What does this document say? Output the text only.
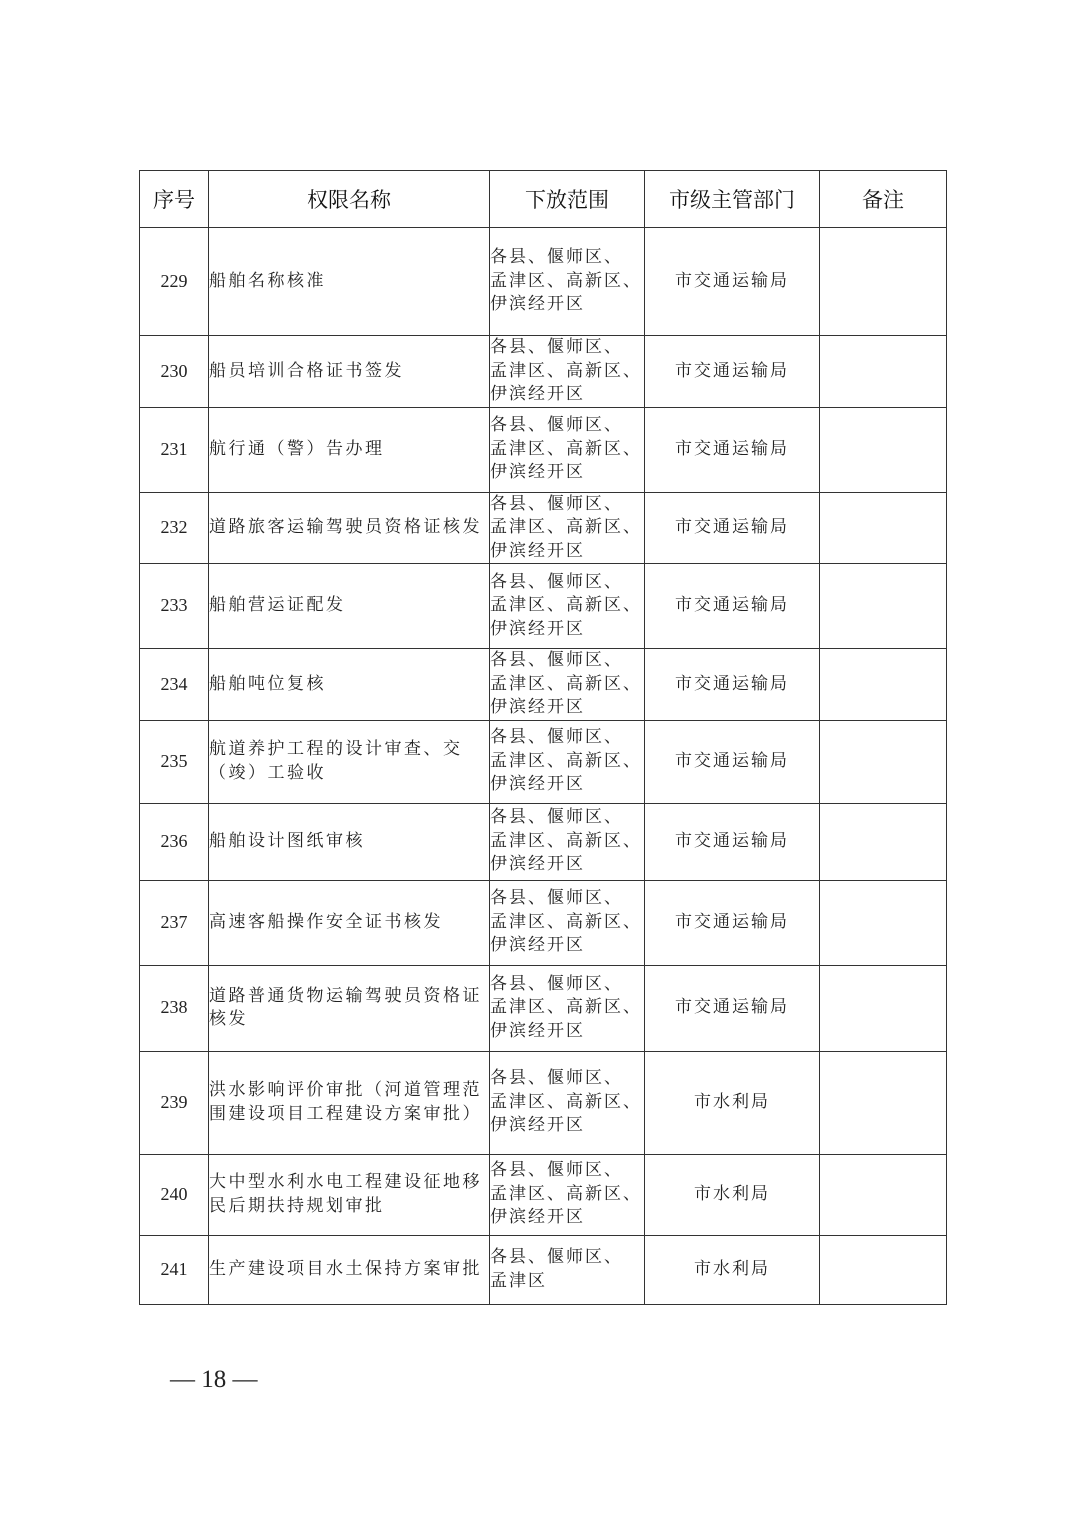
序号	权限名称	下放范围	市级主管部门	备注
229	船舶名称核准	各县、偃师区、
孟津区、高新区、
伊滨经开区	市交通运输局	
230	船员培训合格证书签发	各县、偃师区、
孟津区、高新区、
伊滨经开区	市交通运输局	
231	航行通（警）告办理	各县、偃师区、
孟津区、高新区、
伊滨经开区	市交通运输局	
232	道路旅客运输驾驶员资格证核发	各县、偃师区、
孟津区、高新区、
伊滨经开区	市交通运输局	
233	船舶营运证配发	各县、偃师区、
孟津区、高新区、
伊滨经开区	市交通运输局	
234	船舶吨位复核	各县、偃师区、
孟津区、高新区、
伊滨经开区	市交通运输局	
235	航道养护工程的设计审查、交（竣）工验收	各县、偃师区、
孟津区、高新区、
伊滨经开区	市交通运输局	
236	船舶设计图纸审核	各县、偃师区、
孟津区、高新区、
伊滨经开区	市交通运输局	
237	高速客船操作安全证书核发	各县、偃师区、
孟津区、高新区、
伊滨经开区	市交通运输局	
238	道路普通货物运输驾驶员资格证核发	各县、偃师区、
孟津区、高新区、
伊滨经开区	市交通运输局	
239	洪水影响评价审批（河道管理范围建设项目工程建设方案审批）	各县、偃师区、
孟津区、高新区、
伊滨经开区	市水利局	
240	大中型水利水电工程建设征地移民后期扶持规划审批	各县、偃师区、
孟津区、高新区、
伊滨经开区	市水利局	
241	生产建设项目水土保持方案审批	各县、偃师区、
孟津区	市水利局	
— 18 —
